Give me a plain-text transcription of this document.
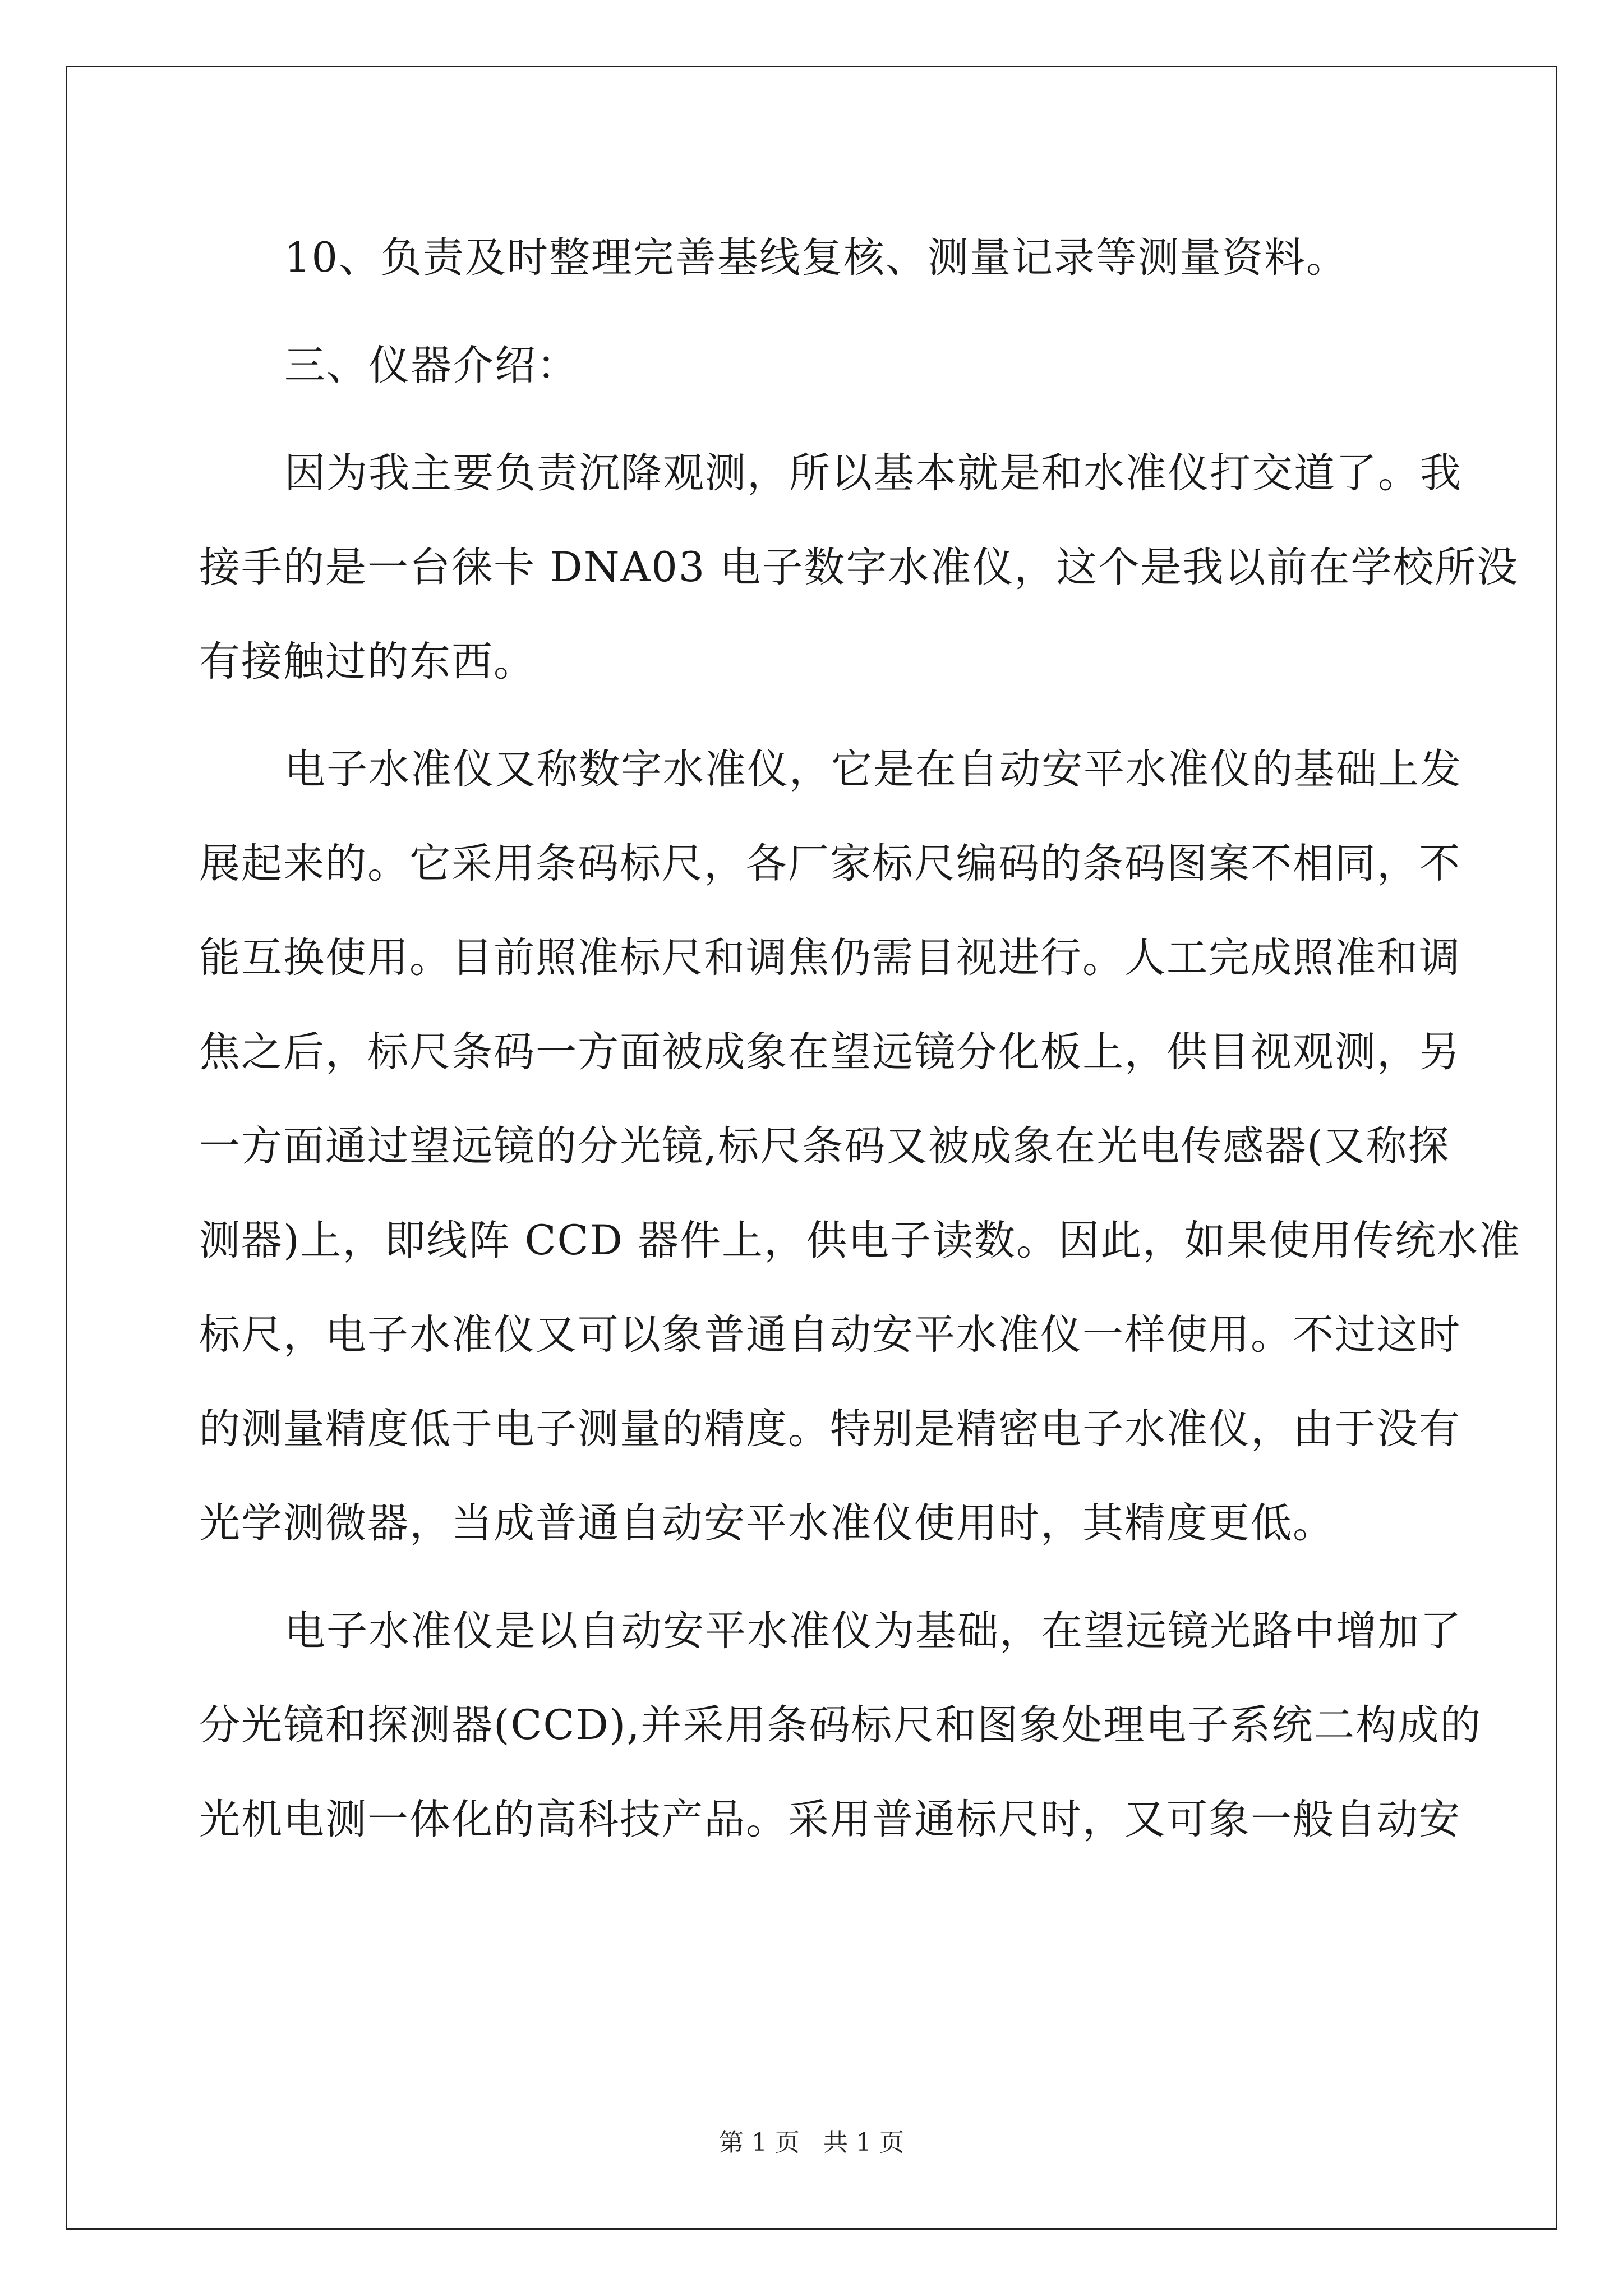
10、负责及时整理完善基线复核、测量记录等测量资料。

三、仪器介绍：

因为我主要负责沉降观测，所以基本就是和水准仪打交道了。我
接手的是一台徕卡 DNA03 电子数字水准仪，这个是我以前在学校所没
有接触过的东西。

电子水准仪又称数字水准仪，它是在自动安平水准仪的基础上发
展起来的。它采用条码标尺，各厂家标尺编码的条码图案不相同，不
能互换使用。目前照准标尺和调焦仍需目视进行。人工完成照准和调
焦之后，标尺条码一方面被成象在望远镜分化板上，供目视观测，另
一方面通过望远镜的分光镜,标尺条码又被成象在光电传感器(又称探
测器)上，即线阵 CCD 器件上，供电子读数。因此，如果使用传统水准
标尺，电子水准仪又可以象普通自动安平水准仪一样使用。不过这时
的测量精度低于电子测量的精度。特别是精密电子水准仪，由于没有
光学测微器，当成普通自动安平水准仪使用时，其精度更低。

电子水准仪是以自动安平水准仪为基础，在望远镜光路中增加了
分光镜和探测器(CCD),并采用条码标尺和图象处理电子系统二构成的
光机电测一体化的高科技产品。采用普通标尺时，又可象一般自动安

第 1 页 共 1 页
